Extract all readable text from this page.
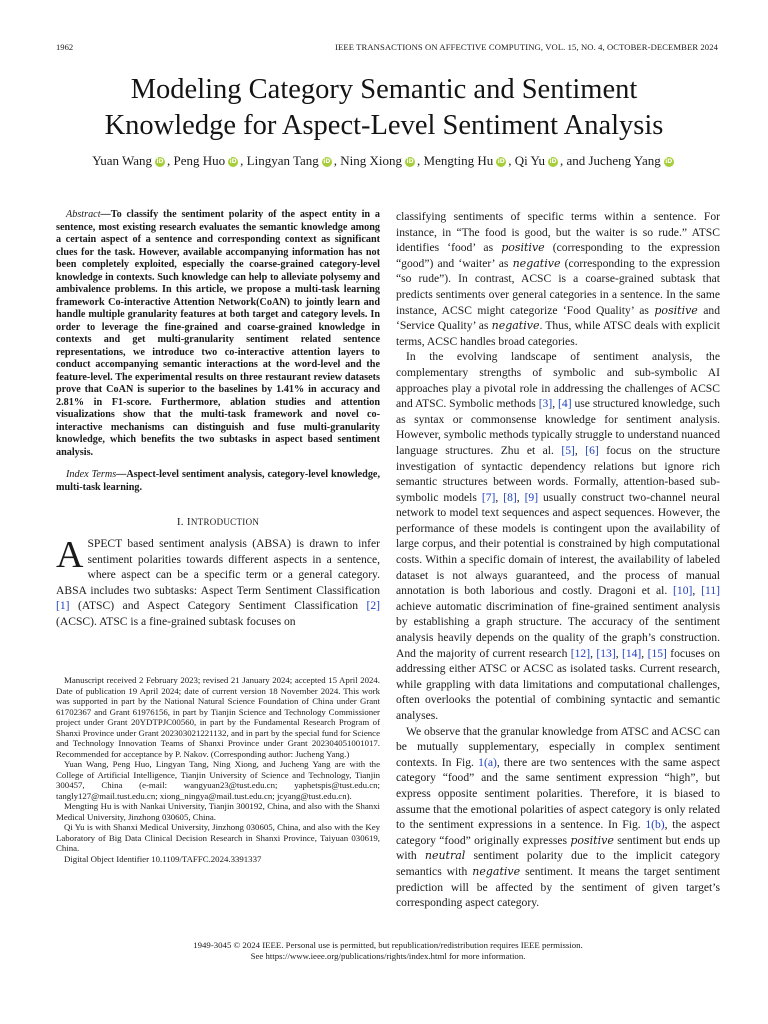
1962	IEEE TRANSACTIONS ON AFFECTIVE COMPUTING, VOL. 15, NO. 4, OCTOBER-DECEMBER 2024
Modeling Category Semantic and Sentiment
Knowledge for Aspect-Level Sentiment Analysis
Yuan Wang iD , Peng Huo iD , Lingyan Tang iD , Ning Xiong iD , Mengting Hu iD , Qi Yu iD , and Jucheng Yang iD

Abstract—To classify the sentiment polarity of the aspect entity in a sentence, most existing research evaluates the semantic knowledge among a certain aspect of a sentence and corresponding context as significant clues for the task. However, available accompanying information has not been completely exploited, especially the coarse-grained category-level knowledge in contexts. Such knowledge can help to alleviate polysemy and ambivalence problems. In this article, we propose a multi-task learning framework Co-interactive Attention Network(CoAN) to jointly learn and handle multiple granularity features at both target and category levels. In order to leverage the fine-grained and coarse-grained knowledge in contexts and get multi-granularity sentiment related sentence representations, we introduce two co-interactive attention layers to conduct accompanying semantic interactions at the word-level and the feature-level. The experimental results on three restaurant review datasets prove that CoAN is superior to the baselines by 1.41% in accuracy and 2.81% in F1-score. Furthermore, ablation studies and attention visualizations show that the multi-task framework and novel co-interactive mechanisms can distinguish and fuse multi-granularity knowledge, which benefits the two subtasks in aspect based sentiment analysis.

Index Terms—Aspect-level sentiment analysis, category-level knowledge, multi-task learning.

I. INTRODUCTION

ASPECT based sentiment analysis (ABSA) is drawn to infer sentiment polarities towards different aspects in a sentence, where aspect can be a specific term or a general category. ABSA includes two subtasks: Aspect Term Sentiment Classification [1] (ATSC) and Aspect Category Sentiment Classification [2] (ACSC). ATSC is a fine-grained subtask focuses on

Manuscript received 2 February 2023; revised 21 January 2024; accepted 15 April 2024. Date of publication 19 April 2024; date of current version 18 November 2024. This work was supported in part by the National Natural Science Foundation of China under Grant 61702367 and Grant 61976156, in part by Tianjin Science and Technology Commissioner project under Grant 20YDTPJC00560, in part by the Fundamental Research Program of Shanxi Province under Grant 202303021221132, and in part by the special fund for Science and Technology Innovation Teams of Shanxi Province under Grant 202304051001017. Recommended for acceptance by P. Nakov. (Corresponding author: Jucheng Yang.)

Yuan Wang, Peng Huo, Lingyan Tang, Ning Xiong, and Jucheng Yang are with the College of Artificial Intelligence, Tianjin University of Science and Technology, Tianjin 300457, China (e-mail: wangyuan23@tust.edu.cn; yaphetspis@tust.edu.cn; tangly127@mail.tust.edu.cn; xiong_ningya@mail.tust.edu.cn; jcyang@tust.edu.cn).

Mengting Hu is with Nankai University, Tianjin 300192, China, and also with the Shanxi Medical University, Jinzhong 030605, China.

Qi Yu is with Shanxi Medical University, Jinzhong 030605, China, and also with the Key Laboratory of Big Data Clinical Decision Research in Shanxi Province, Taiyuan 030619, China.

Digital Object Identifier 10.1109/TAFFC.2024.3391337

classifying sentiments of specific terms within a sentence. For instance, in “The food is good, but the waiter is so rude.” ATSC identifies ‘food’ as positive (corresponding to the expression “good”) and ‘waiter’ as negative (corresponding to the expression “so rude”). In contrast, ACSC is a coarse-grained subtask that predicts sentiments over general categories in a sentence. In the same instance, ACSC might categorize ‘Food Quality’ as positive and ‘Service Quality’ as negative. Thus, while ATSC deals with explicit terms, ACSC handles broad categories.

In the evolving landscape of sentiment analysis, the complementary strengths of symbolic and sub-symbolic AI approaches play a pivotal role in addressing the challenges of ACSC and ATSC. Symbolic methods [3], [4] use structured knowledge, such as syntax or commonsense knowledge for sentiment analysis. However, symbolic methods typically struggle to understand nuanced language structures. Zhu et al. [5], [6] focus on the structure investigation of syntactic dependency relations but ignore rich semantic structures between words. Formally, attention-based sub-symbolic models [7], [8], [9] usually construct two-channel neural network to model text sequences and aspect sequences. However, the performance of these models is contingent upon the availability of large corpus, and their potential is constrained by high computational costs. Within a specific domain of interest, the availability of labeled dataset is not always guaranteed, and the process of manual annotation is both laborious and costly. Dragoni et al. [10], [11] achieve automatic discrimination of fine-grained sentiment analysis by establishing a graph structure. The accuracy of the sentiment analysis heavily depends on the quality of the graph’s construction. And the majority of current research [12], [13], [14], [15] focuses on addressing either ATSC or ACSC as isolated tasks. Current research, while grappling with data limitations and computational challenges, often overlooks the potential of combining syntactic and semantic analyses.

We observe that the granular knowledge from ATSC and ACSC can be mutually supplementary, especially in complex sentiment contexts. In Fig. 1(a), there are two sentences with the same aspect category “food” and the same sentiment expression “high”, but express opposite sentiment polarities. Therefore, it is biased to assume that the emotional polarities of aspect category is only related to the sentiment expressions in a sentence. In Fig. 1(b), the aspect category “food” originally expresses positive sentiment but ends up with neutral sentiment polarity due to the implicit category semantics with negative sentiment. It means the target sentiment prediction will be affected by the sentiment of given target’s corresponding aspect category.

1949-3045 © 2024 IEEE. Personal use is permitted, but republication/redistribution requires IEEE permission.
See https://www.ieee.org/publications/rights/index.html for more information.
